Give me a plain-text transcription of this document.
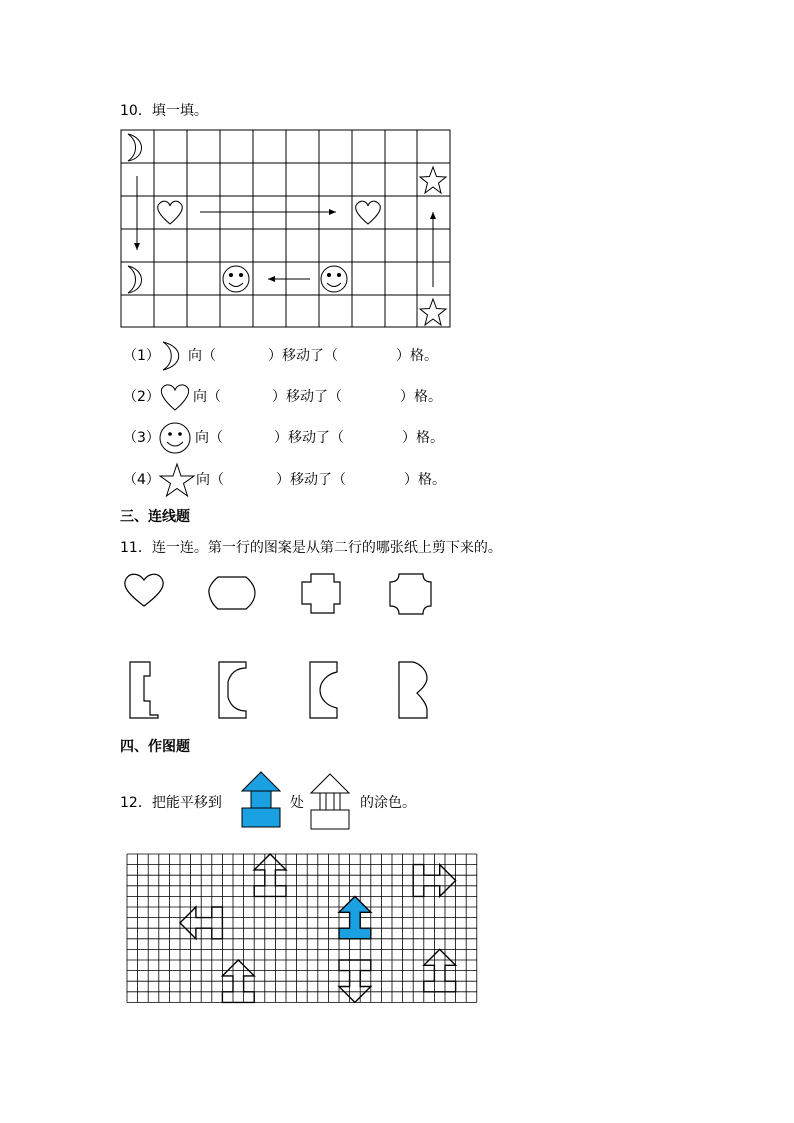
10．填一填。
（1） 向（	）移动了（	）格。
（2） 向（	）移动了（	）格。
（3）	向（	）移动了（	）格。
（4）	向（	）移动了（	）格。
三、连线题
11．连一连。第一行的图案是从第二行的哪张纸上剪下来的。
四、作图题
12．把能平移到	处	的涂色。
